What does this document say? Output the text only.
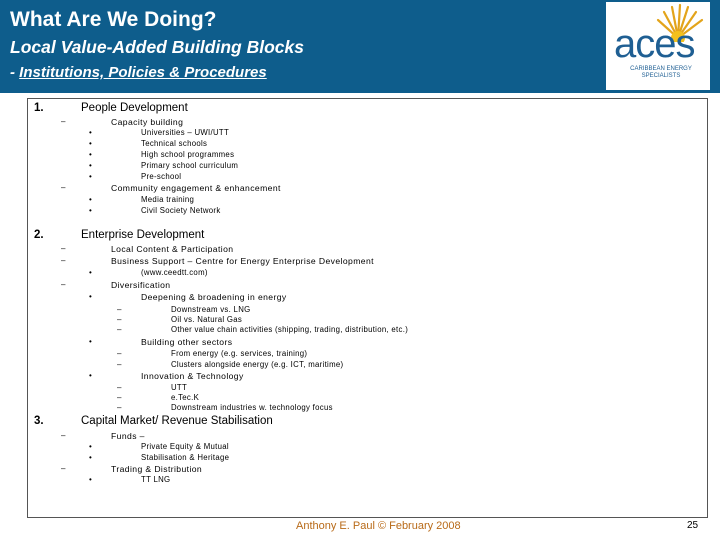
What Are We Doing?
Local Value-Added Building Blocks
- Institutions, Policies & Procedures
aces
CARIBBEAN ENERGY SPECIALISTS
1.	People Development
–	Capacity building
•	Universities – UWI/UTT
•	Technical schools
•	High school programmes
•	Primary school curriculum
•	Pre-school
–	Community engagement & enhancement
•	Media training
•	Civil Society Network
2.	Enterprise Development
–	Local Content & Participation
–	Business Support – Centre for Energy Enterprise Development
•	(www.ceedtt.com)
–	Diversification
•	Deepening & broadening in energy
–	Downstream vs. LNG
–	Oil vs. Natural Gas
–	Other value chain activities (shipping, trading, distribution, etc.)
•	Building other sectors
–	From energy (e.g. services, training)
–	Clusters alongside energy (e.g. ICT, maritime)
•	Innovation & Technology
–	UTT
–	e.Tec.K
–	Downstream industries w. technology focus
3.	Capital Market/ Revenue Stabilisation
–	Funds –
•	Private Equity & Mutual
•	Stabilisation & Heritage
–	Trading & Distribution
•	TT LNG
Anthony E. Paul © February 2008	25
